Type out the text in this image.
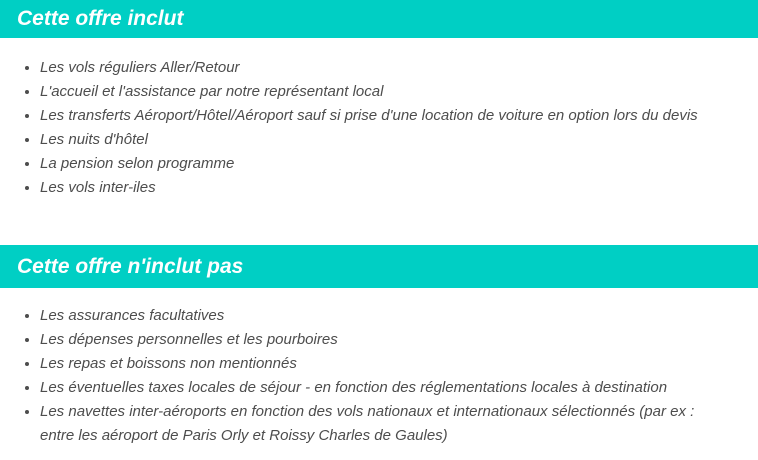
Cette offre inclut
• Les vols réguliers Aller/Retour
• L'accueil et l'assistance par notre représentant local
• Les transferts Aéroport/Hôtel/Aéroport sauf si prise d'une location de voiture en option lors du devis
• Les nuits d'hôtel
• La pension selon programme
• Les vols inter-iles
Cette offre n'inclut pas
• Les assurances facultatives
• Les dépenses personnelles et les pourboires
• Les repas et boissons non mentionnés
• Les éventuelles taxes locales de séjour - en fonction des réglementations locales à destination
• Les navettes inter-aéroports en fonction des vols nationaux et internationaux sélectionnés (par ex : entre les aéroport de Paris Orly et Roissy Charles de Gaules)
